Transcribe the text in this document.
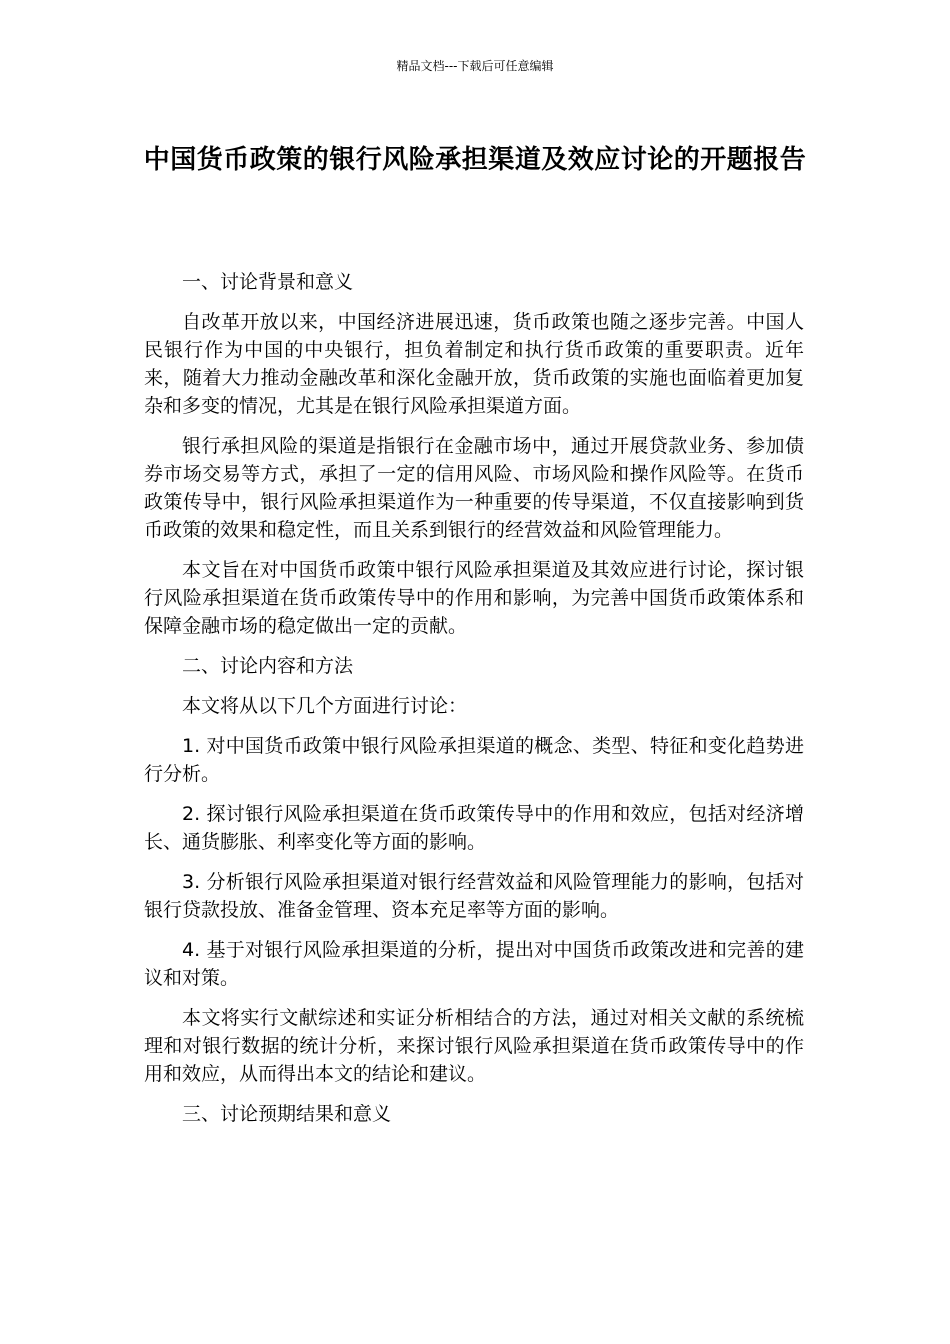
精品文档---下载后可任意编辑
中国货币政策的银行风险承担渠道及效应讨论的开题报告

一、讨论背景和意义

自改革开放以来，中国经济进展迅速，货币政策也随之逐步完善。中国人民银行作为中国的中央银行，担负着制定和执行货币政策的重要职责。近年来，随着大力推动金融改革和深化金融开放，货币政策的实施也面临着更加复杂和多变的情况，尤其是在银行风险承担渠道方面。

银行承担风险的渠道是指银行在金融市场中，通过开展贷款业务、参加债券市场交易等方式，承担了一定的信用风险、市场风险和操作风险等。在货币政策传导中，银行风险承担渠道作为一种重要的传导渠道，不仅直接影响到货币政策的效果和稳定性，而且关系到银行的经营效益和风险管理能力。

本文旨在对中国货币政策中银行风险承担渠道及其效应进行讨论，探讨银行风险承担渠道在货币政策传导中的作用和影响，为完善中国货币政策体系和保障金融市场的稳定做出一定的贡献。

二、讨论内容和方法

本文将从以下几个方面进行讨论：

1. 对中国货币政策中银行风险承担渠道的概念、类型、特征和变化趋势进行分析。

2. 探讨银行风险承担渠道在货币政策传导中的作用和效应，包括对经济增长、通货膨胀、利率变化等方面的影响。

3. 分析银行风险承担渠道对银行经营效益和风险管理能力的影响，包括对银行贷款投放、准备金管理、资本充足率等方面的影响。

4. 基于对银行风险承担渠道的分析，提出对中国货币政策改进和完善的建议和对策。

本文将实行文献综述和实证分析相结合的方法，通过对相关文献的系统梳理和对银行数据的统计分析，来探讨银行风险承担渠道在货币政策传导中的作用和效应，从而得出本文的结论和建议。

三、讨论预期结果和意义
